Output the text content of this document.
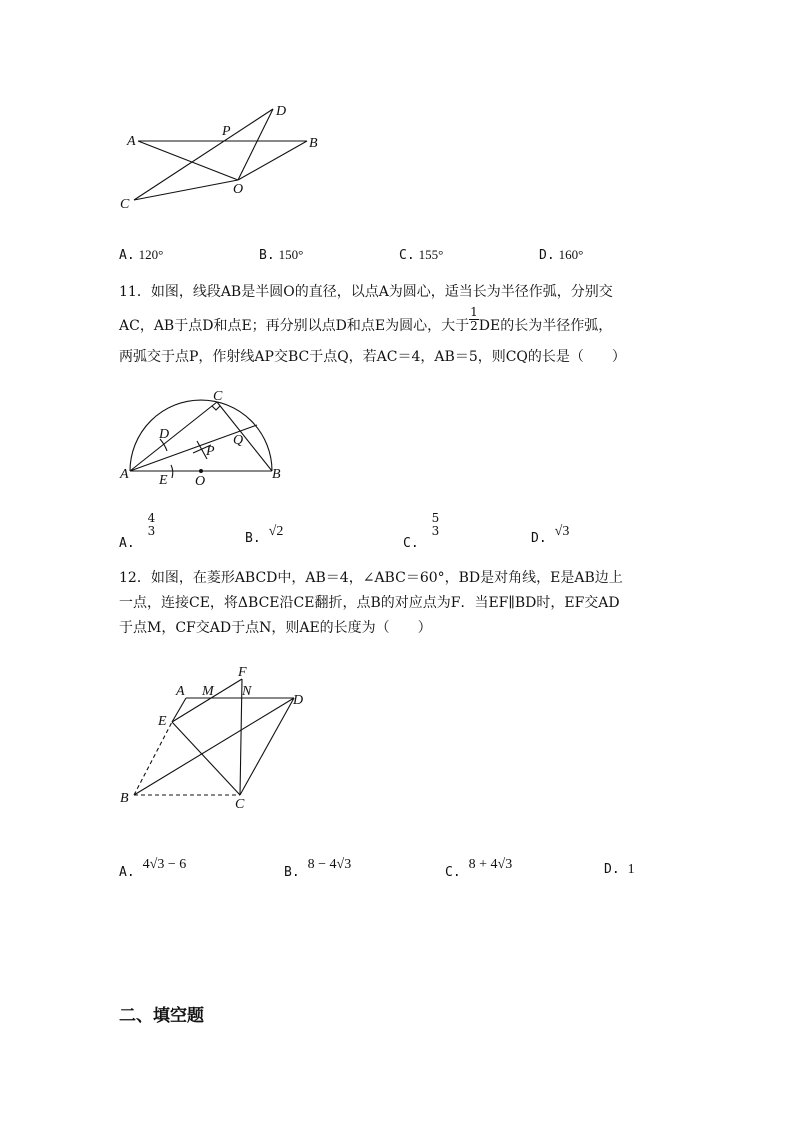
A	B
C
D
P
O
A. 120°	B. 150°	C. 155°	D. 160°
11．如图，线段AB是半圆O的直径，以点A为圆心，适当长为半径作弧，分别交
AC，AB于点D和点E；再分别以点D和点E为圆心，大于 $\frac{1}{2}$ DE的长为半径作弧，
两弧交于点P，作射线AP交BC于点Q，若AC＝4，AB＝5，则CQ的长是（　　）
C
D
P
Q
A E O	B
$_{A.}$
4
3	$_{B.}$ √2
$_{C.}$
5
3	$_{D.}$ √3
12．如图，在菱形ABCD中，AB＝4，∠ABC＝60°，BD是对角线，E是AB边上
一点，连接CE，将ΔBCE沿CE翻折，点B的对应点为F．当EF∥BD时，EF交AD
于点M，CF交AD于点N，则AE的长度为（　　）
A M
F
N
D
E
B	C
$_{A.}$4√3 − 6
$_{B.}$8 − 4√3
$_{C.}$8 + 4√3	D. 1
二、填空题
